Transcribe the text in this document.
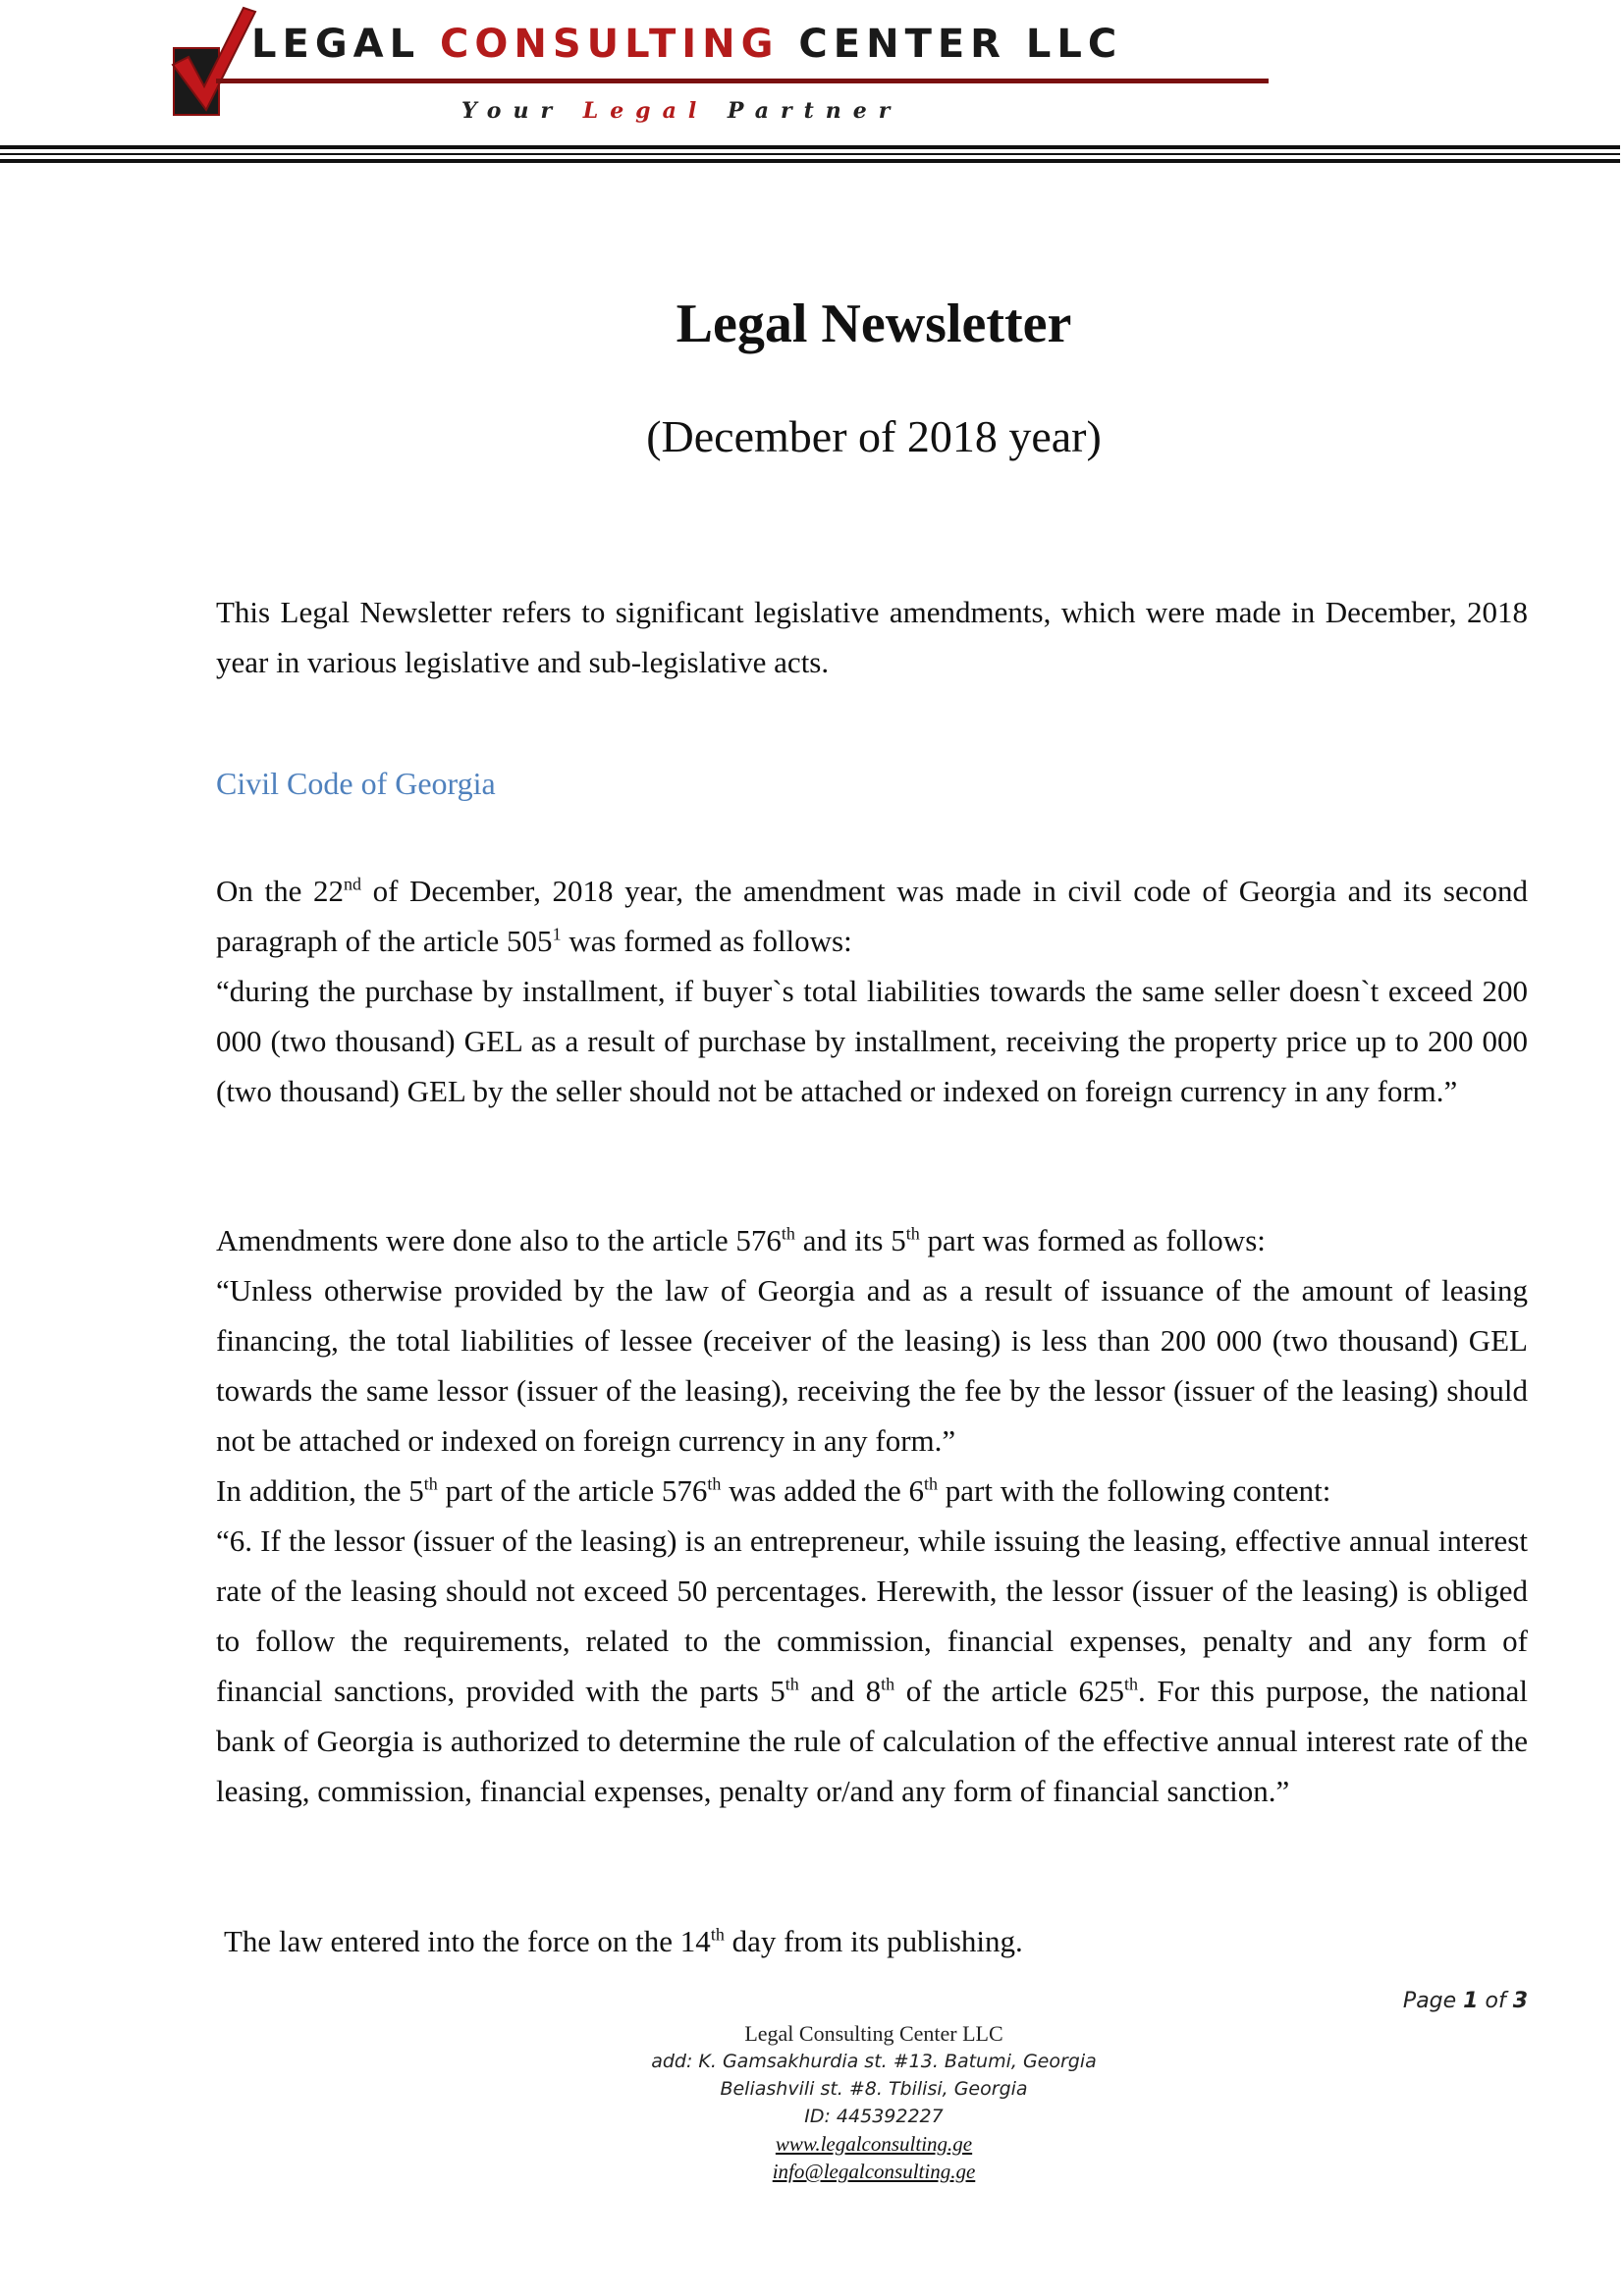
LEGAL CONSULTING CENTER LLC
Your Legal Partner
Legal Newsletter
(December of 2018 year)
This Legal Newsletter refers to significant legislative amendments, which were made in December, 2018 year in various legislative and sub-legislative acts.
Civil Code of Georgia
On the 22nd of December, 2018 year, the amendment was made in civil code of Georgia and its second paragraph of the article $505^1$ was formed as follows:
“during the purchase by installment, if buyer`s total liabilities towards the same seller doesn`t exceed 200 000 (two thousand) GEL as a result of purchase by installment, receiving the property price up to 200 000 (two thousand) GEL by the seller should not be attached or indexed on foreign currency in any form.”
Amendments were done also to the article 576th and its 5th part was formed as follows:
“Unless otherwise provided by the law of Georgia and as a result of issuance of the amount of leasing financing, the total liabilities of lessee (receiver of the leasing) is less than 200 000 (two thousand) GEL towards the same lessor (issuer of the leasing), receiving the fee by the lessor (issuer of the leasing) should not be attached or indexed on foreign currency in any form.”
In addition, the 5th part of the article 576th was added the 6th part with the following content:
“6. If the lessor (issuer of the leasing) is an entrepreneur, while issuing the leasing, effective annual interest rate of the leasing should not exceed 50 percentages. Herewith, the lessor (issuer of the leasing) is obliged to follow the requirements, related to the commission, financial expenses, penalty and any form of financial sanctions, provided with the parts 5th and 8th of the article 625th. For this purpose, the national bank of Georgia is authorized to determine the rule of calculation of the effective annual interest rate of the leasing, commission, financial expenses, penalty or/and any form of financial sanction.”
The law entered into the force on the 14th day from its publishing.
Page 1 of 3
Legal Consulting Center LLC
add: K. Gamsakhurdia st. #13. Batumi, Georgia
Beliashvili st. #8. Tbilisi, Georgia
ID: 445392227
www.legalconsulting.ge
info@legalconsulting.ge
